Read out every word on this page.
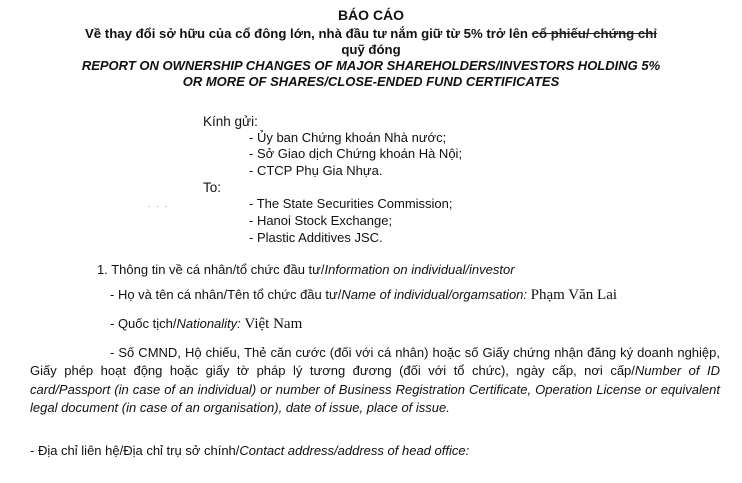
BÁO CÁO
Về thay đổi sở hữu của cổ đông lớn, nhà đầu tư nắm giữ từ 5% trở lên cổ phiếu/ chứng chỉ
quỹ đóng
REPORT ON OWNERSHIP CHANGES OF MAJOR SHAREHOLDERS/INVESTORS HOLDING 5%
OR MORE OF SHARES/CLOSE-ENDED FUND CERTIFICATES
Kính gửi:
- Ủy ban Chứng khoán Nhà nước;
- Sở Giao dịch Chứng khoán Hà Nội;
- CTCP Phụ Gia Nhựa.
To:
. . .	- The State Securities Commission;
- Hanoi Stock Exchange;
- Plastic Additives JSC.
1. Thông tin về cá nhân/tổ chức đầu tư/Information on individual/investor
- Họ và tên cá nhân/Tên tổ chức đầu tư/Name of individual/orgamsation: Phạm Văn Lai
- Quốc tịch/Nationality: Việt Nam
- Số CMND, Hộ chiếu, Thẻ căn cước (đối với cá nhân) hoặc số Giấy chứng nhận đăng ký doanh nghiệp, Giấy phép hoạt động hoặc giấy tờ pháp lý tương đương (đối với tổ chức), ngày cấp, nơi cấp/Number of ID card/Passport (in case of an individual) or number of Business Registration Certificate, Operation License or equivalent legal document (in case of an organisation), date of issue, place of issue.
- Địa chỉ liên hệ/Địa chỉ trụ sở chính/Contact address/address of head office:
